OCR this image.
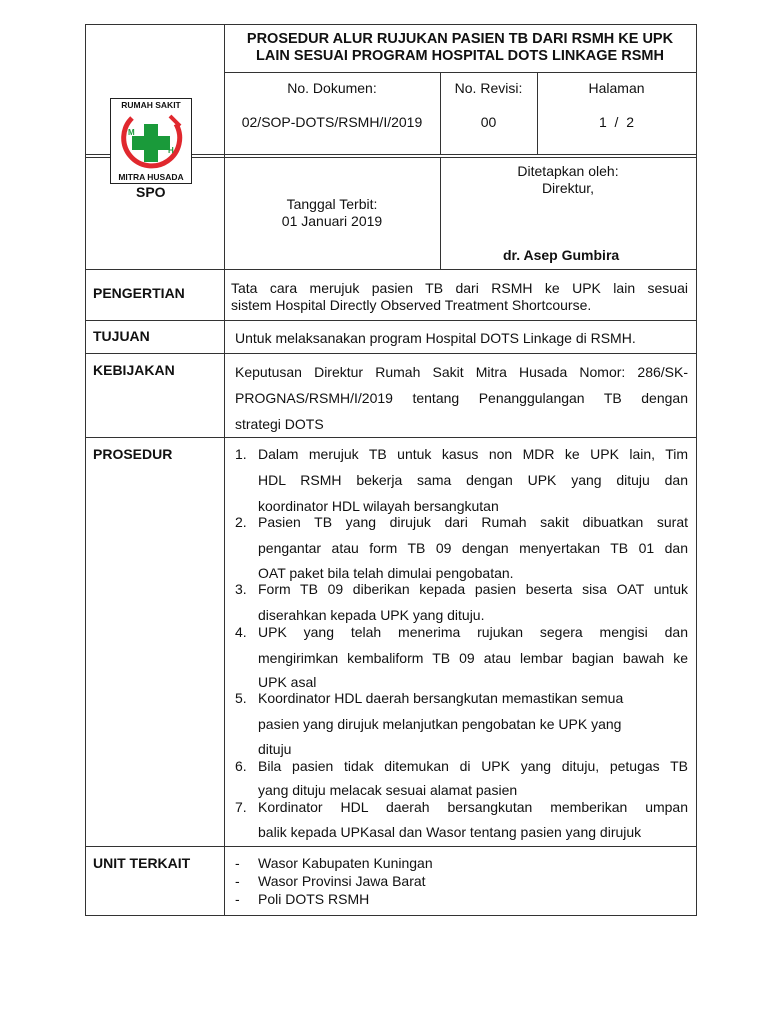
RUMAH SAKIT
MITRA HUSADA
M
H
SPO
PROSEDUR ALUR RUJUKAN PASIEN TB DARI RSMH KE UPK
LAIN SESUAI PROGRAM HOSPITAL DOTS LINKAGE RSMH
No. Dokumen:
02/SOP-DOTS/RSMH/I/2019
No. Revisi:
00
Halaman
1  /  2
Tanggal Terbit:
01 Januari 2019
Ditetapkan oleh:
Direktur,
dr. Asep Gumbira
PENGERTIAN	Tata cara merujuk pasien TB dari RSMH ke UPK lain sesuai
sistem Hospital Directly Observed Treatment Shortcourse.
TUJUAN	Untuk melaksanakan program Hospital DOTS Linkage di RSMH.
KEBIJAKAN	Keputusan Direktur Rumah Sakit Mitra Husada Nomor: 286/SK-
PROGNAS/RSMH/I/2019 tentang Penanggulangan TB dengan
strategi DOTS
PROSEDUR	1. Dalam merujuk TB untuk kasus non MDR ke UPK lain, Tim
HDL RSMH bekerja sama dengan UPK yang dituju dan
koordinator HDL wilayah bersangkutan
2. Pasien TB yang dirujuk dari Rumah sakit dibuatkan surat
pengantar atau form TB 09 dengan menyertakan TB 01 dan
OAT paket bila telah dimulai pengobatan.
3. Form TB 09 diberikan kepada pasien beserta sisa OAT untuk
diserahkan kepada UPK yang dituju.
4. UPK yang telah menerima rujukan segera mengisi dan
mengirimkan kembaliform TB 09 atau lembar bagian bawah ke
UPK asal
5. Koordinator HDL daerah bersangkutan memastikan semua
pasien yang dirujuk melanjutkan pengobatan ke UPK yang
dituju
6. Bila pasien tidak ditemukan di UPK yang dituju, petugas TB
yang dituju melacak sesuai alamat pasien
7. Kordinator HDL daerah bersangkutan memberikan umpan
balik kepada UPKasal dan Wasor tentang pasien yang dirujuk
UNIT TERKAIT	- Wasor Kabupaten Kuningan
- Wasor Provinsi Jawa Barat
- Poli DOTS RSMH
